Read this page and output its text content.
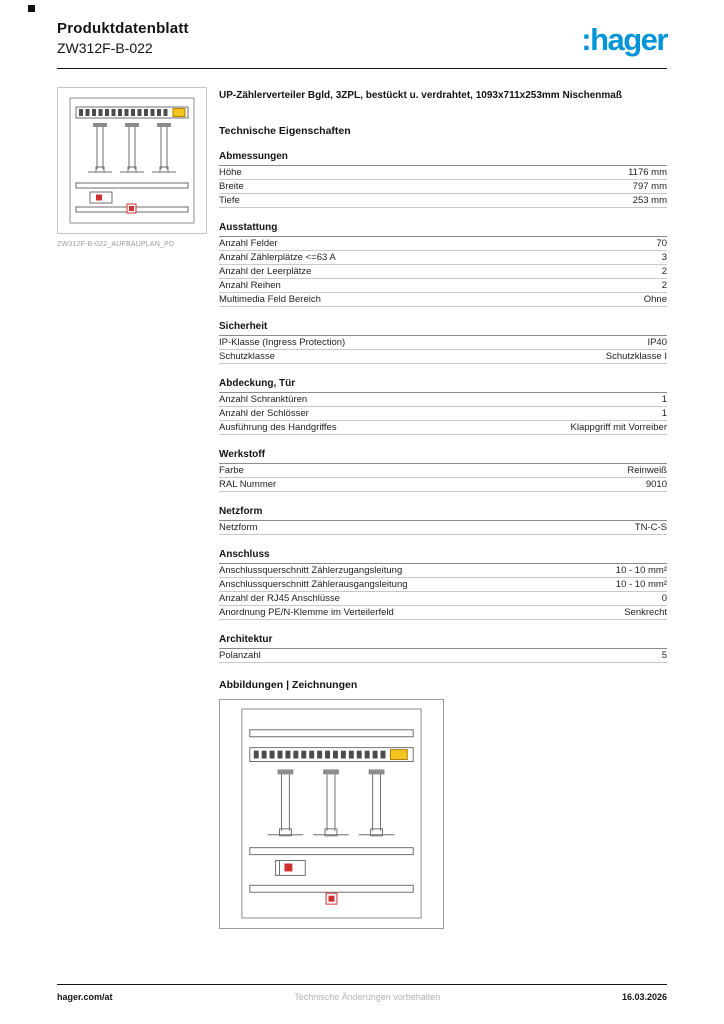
Produktdatenblatt
ZW312F-B-022	:hager
ZW312F-B-022_AUFBAUPLAN_PD
UP-Zählerverteiler Bgld, 3ZPL, bestückt u. verdrahtet, 1093x711x253mm Nischenmaß
Technische Eigenschaften
Abmessungen
Höhe	1176 mm
Breite	797 mm
Tiefe	253 mm
Ausstattung
Anzahl Felder	70
Anzahl Zählerplätze <=63 A	3
Anzahl der Leerplätze	2
Anzahl Reihen	2
Multimedia Feld Bereich	Ohne
Sicherheit
IP-Klasse (Ingress Protection)	IP40
Schutzklasse	Schutzklasse I
Abdeckung, Tür
Anzahl Schranktüren	1
Anzahl der Schlösser	1
Ausführung des Handgriffes	Klappgriff mit Vorreiber
Werkstoff
Farbe	Reinweiß
RAL Nummer	9010
Netzform
Netzform	TN-C-S
Anschluss
Anschlussquerschnitt Zählerzugangsleitung	10 - 10 mm²
Anschlussquerschnitt Zählerausgangsleitung	10 - 10 mm²
Anzahl der RJ45 Anschlüsse	0
Anordnung PE/N-Klemme im Verteilerfeld	Senkrecht
Architektur
Polanzahl	5
Abbildungen | Zeichnungen
hager.com/at	Technische Änderungen vorbehalten	16.03.2026
